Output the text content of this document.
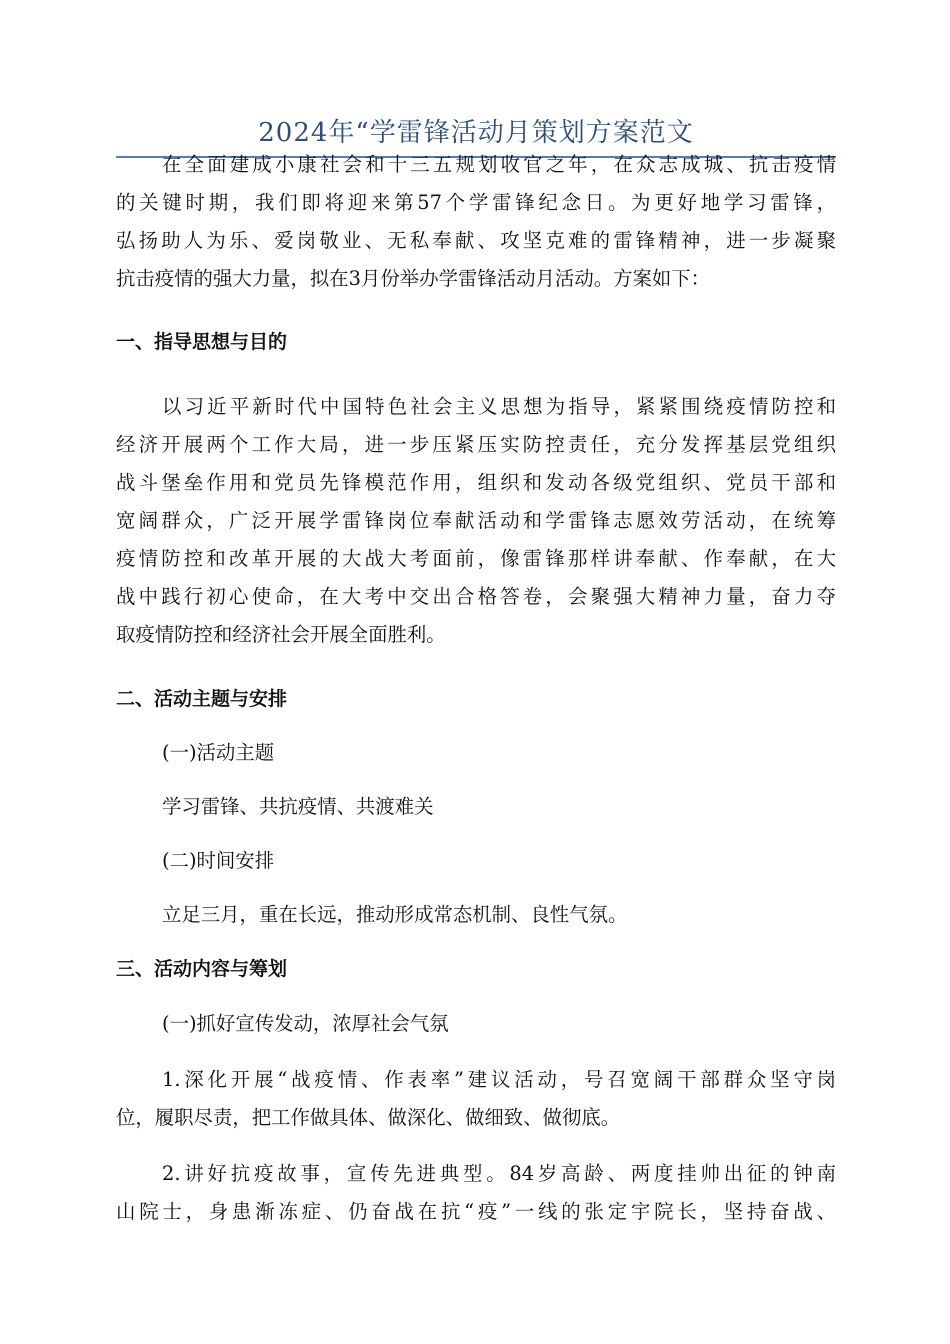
2024年“学雷锋活动月策划方案范文
在全面建成小康社会和十三五规划收官之年，在众志成城、抗击疫情
的关键时期，我们即将迎来第57个学雷锋纪念日。为更好地学习雷锋，
弘扬助人为乐、爱岗敬业、无私奉献、攻坚克难的雷锋精神，进一步凝聚
抗击疫情的强大力量，拟在3月份举办学雷锋活动月活动。方案如下：
一、指导思想与目的
以习近平新时代中国特色社会主义思想为指导，紧紧围绕疫情防控和
经济开展两个工作大局，进一步压紧压实防控责任，充分发挥基层党组织
战斗堡垒作用和党员先锋模范作用，组织和发动各级党组织、党员干部和
宽阔群众，广泛开展学雷锋岗位奉献活动和学雷锋志愿效劳活动，在统筹
疫情防控和改革开展的大战大考面前，像雷锋那样讲奉献、作奉献，在大
战中践行初心使命，在大考中交出合格答卷，会聚强大精神力量，奋力夺
取疫情防控和经济社会开展全面胜利。
二、活动主题与安排
(一)活动主题
学习雷锋、共抗疫情、共渡难关
(二)时间安排
立足三月，重在长远，推动形成常态机制、良性气氛。
三、活动内容与筹划
(一)抓好宣传发动，浓厚社会气氛
1.深化开展“战疫情、作表率”建议活动，号召宽阔干部群众坚守岗
位，履职尽责，把工作做具体、做深化、做细致、做彻底。
2.讲好抗疫故事，宣传先进典型。84岁高龄、两度挂帅出征的钟南
山院士，身患渐冻症、仍奋战在抗“疫”一线的张定宇院长，坚持奋战、
